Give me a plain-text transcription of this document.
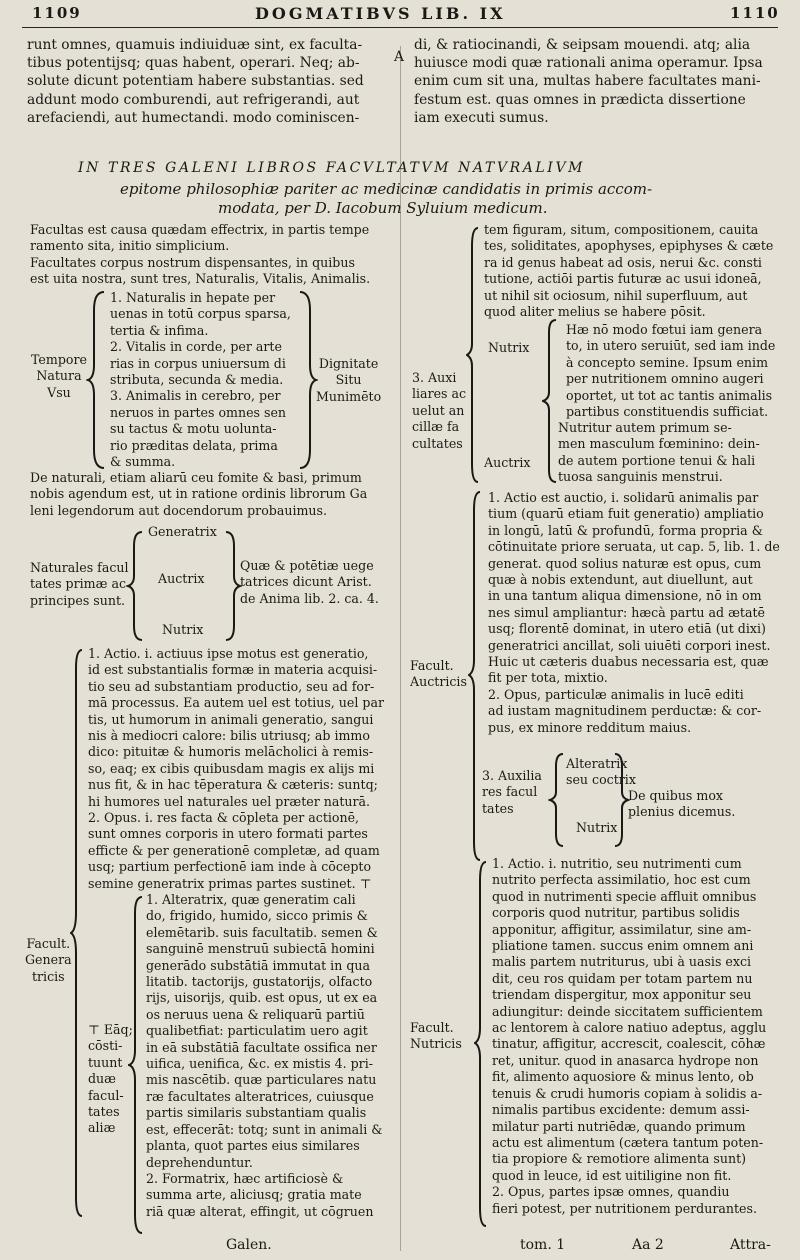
1109	DOGMATIBVS LIB. IX	1110
runt omnes, quamuis indiuiduæ sint, ex faculta-
tibus potentijsq; quas habent, operari. Neq; ab-
solute dicunt potentiam habere substantias. sed
addunt modo comburendi, aut refrigerandi, aut
arefaciendi, aut humectandi. modo cominiscen-
A
di, & ratiocinandi, & seipsam mouendi. atq; alia
huiusce modi quæ rationali anima operamur. Ipsa
enim cum sit una, multas habere facultates mani-
festum est. quas omnes in prædicta dissertione
iam executi sumus.
IN TRES GALENI LIBROS FACVLTATVM NATVRALIVM
epitome philosophiæ pariter ac medicinæ candidatis in primis accom-
modata, per D. Iacobum Syluium medicum.
Facultas est causa quædam effectrix, in partis tempe
ramento sita, initio simplicium.
Facultates corpus nostrum dispensantes, in quibus
est uita nostra, sunt tres, Naturalis, Vitalis, Animalis.
Tempore
Natura
Vsu
1. Naturalis in hepate per
uenas in totū corpus sparsa,
tertia & infima.
2. Vitalis in corde, per arte
rias in corpus uniuersum di
stributa, secunda & media.
3. Animalis in cerebro, per
neruos in partes omnes sen
su tactus & motu uolunta-
rio præditas delata, prima
& summa.
Dignitate
Situ
Munimēto
De naturali, etiam aliarū ceu fomite & basi, primum
nobis agendum est, ut in ratione ordinis librorum Ga
leni legendorum aut docendorum probauimus.
Naturales facul
tates primæ ac
principes sunt.
Generatrix
Auctrix
Nutrix
Quæ & potētiæ uege
tatrices dicunt Arist.
de Anima lib. 2. ca. 4.
Facult.
Genera
tricis
1. Actio. i. actiuus ipse motus est generatio,
id est substantialis formæ in materia acquisi-
tio seu ad substantiam productio, seu ad for-
mā processus. Ea autem uel est totius, uel par
tis, ut humorum in animali generatio, sangui
nis à mediocri calore: bilis utriusq; ab immo
dico: pituitæ & humoris melācholici à remis-
so, eaq; ex cibis quibusdam magis ex alijs mi
nus fit, & in hac tēperatura & cæteris: suntq;
hi humores uel naturales uel præter naturā.
2. Opus. i. res facta & cōpleta per actionē,
sunt omnes corporis in utero formati partes
efficte & per generationē completæ, ad quam
usq; partium perfectionē iam inde à cōcepto
semine generatrix primas partes sustinet. ⊤
⊤ Eāq;
cōsti-
tuunt
duæ
facul-
tates
aliæ
1. Alteratrix, quæ generatim cali
do, frigido, humido, sicco primis &
elemētarib. suis facultatib. semen &
sanguinē menstruū subiectā homini
generādo substātiā immutat in qua
litatib. tactorijs, gustatorijs, olfacto
rijs, uisorijs, quib. est opus, ut ex ea
os neruus uena & reliquarū partiū
qualibetfiat: particulatim uero agit
in eā substātiā facultate ossifica ner
uifica, uenifica, &c. ex mistis 4. pri-
mis nascētib. quæ particulares natu
ræ facultates alteratrices, cuiusque
partis similaris substantiam qualis
est, effecerāt: totq; sunt in animali &
planta, quot partes eius similares
deprehenduntur.
2. Formatrix, hæc artificiosè &
summa arte, aliciusq; gratia mate
riā quæ alterat, effingit, ut cōgruen
tem figuram, situm, compositionem, cauita
tes, soliditates, apophyses, epiphyses & cæte
ra id genus habeat ad osis, nerui &c. consti
tutione, actiōi partis futuræ ac usui idoneā,
ut nihil sit ociosum, nihil superfluum, aut
quod aliter melius se habere pōsit.
3. Auxi
liares ac
uelut an
cillæ fa
cultates
Nutrix
Auctrix
Hæ nō modo fœtui iam genera
to, in utero seruiūt, sed iam inde
à concepto semine. Ipsum enim
per nutritionem omnino augeri
oportet, ut tot ac tantis animalis
partibus constituendis sufficiat.
Nutritur autem primum se-
men masculum fœminino: dein-
de autem portione tenui & hali
tuosa sanguinis menstrui.
Facult.
Auctricis
1. Actio est auctio, i. solidarū animalis par
tium (quarū etiam fuit generatio) ampliatio
in longū, latū & profundū, forma propria &
cōtinuitate priore seruata, ut cap. 5, lib. 1. de
generat. quod solius naturæ est opus, cum
quæ à nobis extendunt, aut diuellunt, aut
in una tantum aliqua dimensione, nō in om
nes simul ampliantur: hæcà partu ad ætatē
usq; florentē dominat, in utero etiā (ut dixi)
generatrici ancillat, soli uiuēti corpori inest.
Huic ut cæteris duabus necessaria est, quæ
fit per tota, mixtio.
2. Opus, particulæ animalis in lucē editi
ad iustam magnitudinem perductæ: & cor-
pus, ex minore redditum maius.
3. Auxilia
res facul
tates
Alteratrix
seu coctrix
Nutrix
De quibus mox
plenius dicemus.
Facult.
Nutricis
1. Actio. i. nutritio, seu nutrimenti cum
nutrito perfecta assimilatio, hoc est cum
quod in nutrimenti specie affluit omnibus
corporis quod nutritur, partibus solidis
apponitur, affigitur, assimilatur, sine am-
pliatione tamen. succus enim omnem ani
malis partem nutriturus, ubi à uasis exci
dit, ceu ros quidam per totam partem nu
triendam dispergitur, mox apponitur seu
adiungitur: deinde siccitatem sufficientem
ac lentorem à calore natiuo adeptus, agglu
tinatur, affigitur, accrescit, coalescit, cōhæ
ret, unitur. quod in anasarca hydrope non
fit, alimento aquosiore & minus lento, ob
tenuis & crudi humoris copiam à solidis a-
nimalis partibus excidente: demum assi-
milatur parti nutriēdæ, quando primum
actu est alimentum (cætera tantum poten-
tia propiore & remotiore alimenta sunt)
quod in leuce, id est uitiligine non fit.
2. Opus, partes ipsæ omnes, quandiu
fieri potest, per nutritionem perdurantes.
Galen.	tom. 1	Aa 2	Attra-
